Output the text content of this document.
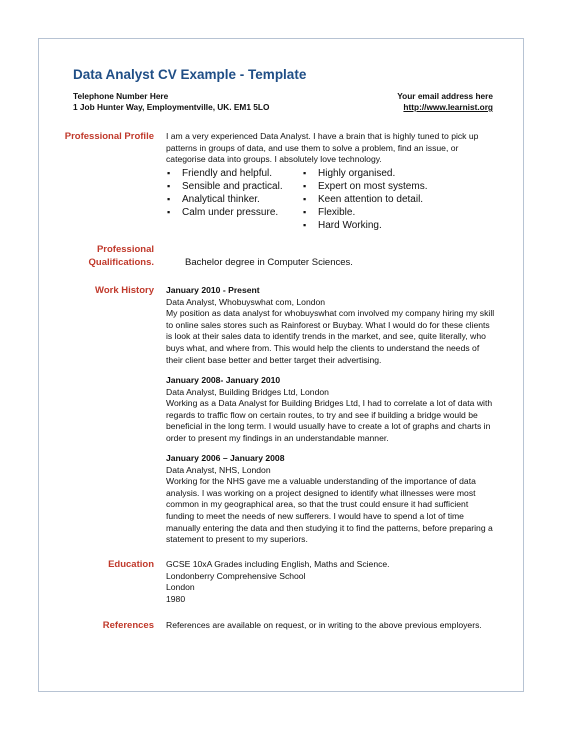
Data Analyst CV Example - Template
Telephone Number Here
1 Job Hunter Way, Employmentville, UK. EM1 5LO
Your email address here
http://www.learnist.org
Professional Profile I am a very experienced Data Analyst. I have a brain that is highly tuned to pick up patterns in groups of data, and use them to solve a problem, find an issue, or categorise data into groups. I absolutely love technology.
▪ Friendly and helpful.
▪ Sensible and practical.
▪ Analytical thinker.
▪ Calm under pressure.
▪ Highly organised.
▪ Expert on most systems.
▪ Keen attention to detail.
▪ Flexible.
▪ Hard Working.
Professional
Qualifications.	Bachelor degree in Computer Sciences.
Work History January 2010 - Present
Data Analyst, Whobuyswhat com, London
My position as data analyst for whobuyswhat com involved my company hiring my skill to online sales stores such as Rainforest or Buybay. What I would do for these clients is look at their sales data to identify trends in the market, and see, quite literally, who buys what, and where from. This would help the clients to understand the needs of their client base better and better target their advertising.
January 2008- January 2010
Data Analyst, Building Bridges Ltd, London
Working as a Data Analyst for Building Bridges Ltd, I had to correlate a lot of data with regards to traffic flow on certain routes, to try and see if building a bridge would be beneficial in the long term. I would usually have to create a lot of graphs and charts in order to present my findings in an understandable manner.
January 2006 – January 2008
Data Analyst, NHS, London
Working for the NHS gave me a valuable understanding of the importance of data analysis. I was working on a project designed to identify what illnesses were most common in my geographical area, so that the trust could ensure it had sufficient funding to meet the needs of new sufferers. I would have to spend a lot of time manually entering the data and then studying it to find the patterns, before preparing a statement to present to my superiors.
Education GCSE 10xA Grades including English, Maths and Science.
Londonberry Comprehensive School
London
1980
References References are available on request, or in writing to the above previous employers.
